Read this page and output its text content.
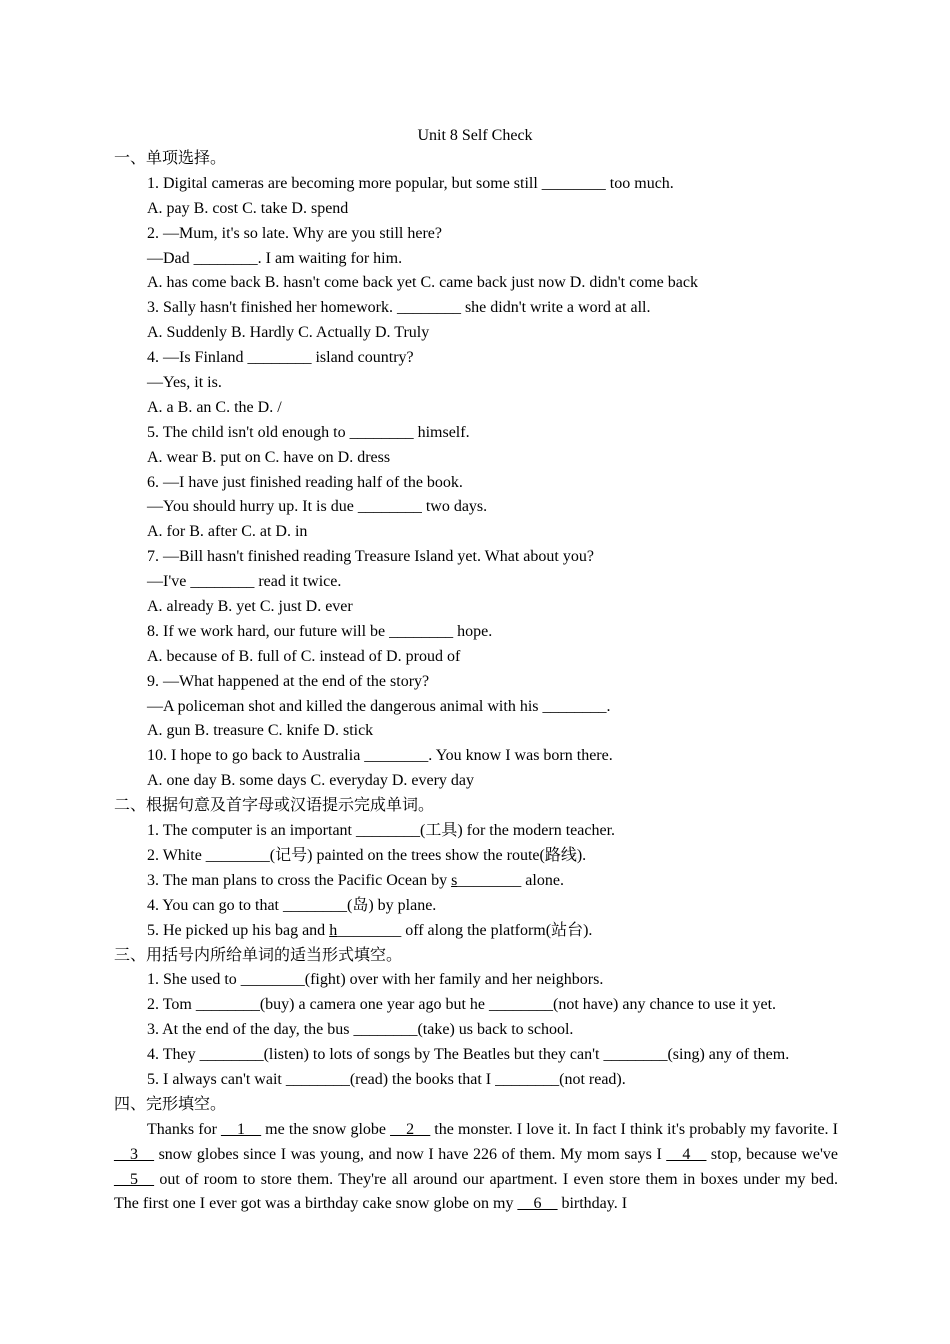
Unit 8 Self Check
一、单项选择。
1. Digital cameras are becoming more popular, but some still ________ too much.
A. pay B. cost C. take D. spend
2. —Mum, it's so late. Why are you still here?
—Dad ________. I am waiting for him.
A. has come back B. hasn't come back yet C. came back just now D. didn't come back
3. Sally hasn't finished her homework. ________ she didn't write a word at all.
A. Suddenly B. Hardly C. Actually D. Truly
4. —Is Finland ________ island country?
—Yes, it is.
A. a B. an C. the D. /
5. The child isn't old enough to ________ himself.
A. wear B. put on C. have on D. dress
6. —I have just finished reading half of the book.
—You should hurry up. It is due ________ two days.
A. for B. after C. at D. in
7. —Bill hasn't finished reading Treasure Island yet. What about you?
—I've ________ read it twice.
A. already B. yet C. just D. ever
8. If we work hard, our future will be ________ hope.
A. because of B. full of C. instead of D. proud of
9. —What happened at the end of the story?
—A policeman shot and killed the dangerous animal with his ________.
A. gun B. treasure C. knife D. stick
10. I hope to go back to Australia ________. You know I was born there.
A. one day B. some days C. everyday D. every day
二、根据句意及首字母或汉语提示完成单词。
1. The computer is an important ________(工具) for the modern teacher.
2. White ________(记号) painted on the trees show the route(路线).
3. The man plans to cross the Pacific Ocean by s________ alone.
4. You can go to that ________(岛) by plane.
5. He picked up his bag and h________ off along the platform(站台).
三、用括号内所给单词的适当形式填空。
1. She used to ________(fight) over with her family and her neighbors.
2. Tom ________(buy) a camera one year ago but he ________(not have) any chance to use it yet.
3. At the end of the day, the bus ________(take) us back to school.
4. They ________(listen) to lots of songs by The Beatles but they can't ________(sing) any of them.
5. I always can't wait ________(read) the books that I ________(not read).
四、完形填空。

Thanks for __1__ me the snow globe __2__ the monster. I love it. In fact I think it's probably my favorite. I __3__ snow globes since I was young, and now I have 226 of them. My mom says I __4__ stop, because we've __5__ out of room to store them. They're all around our apartment. I even store them in boxes under my bed. The first one I ever got was a birthday cake snow globe on my __6__ birthday. I
